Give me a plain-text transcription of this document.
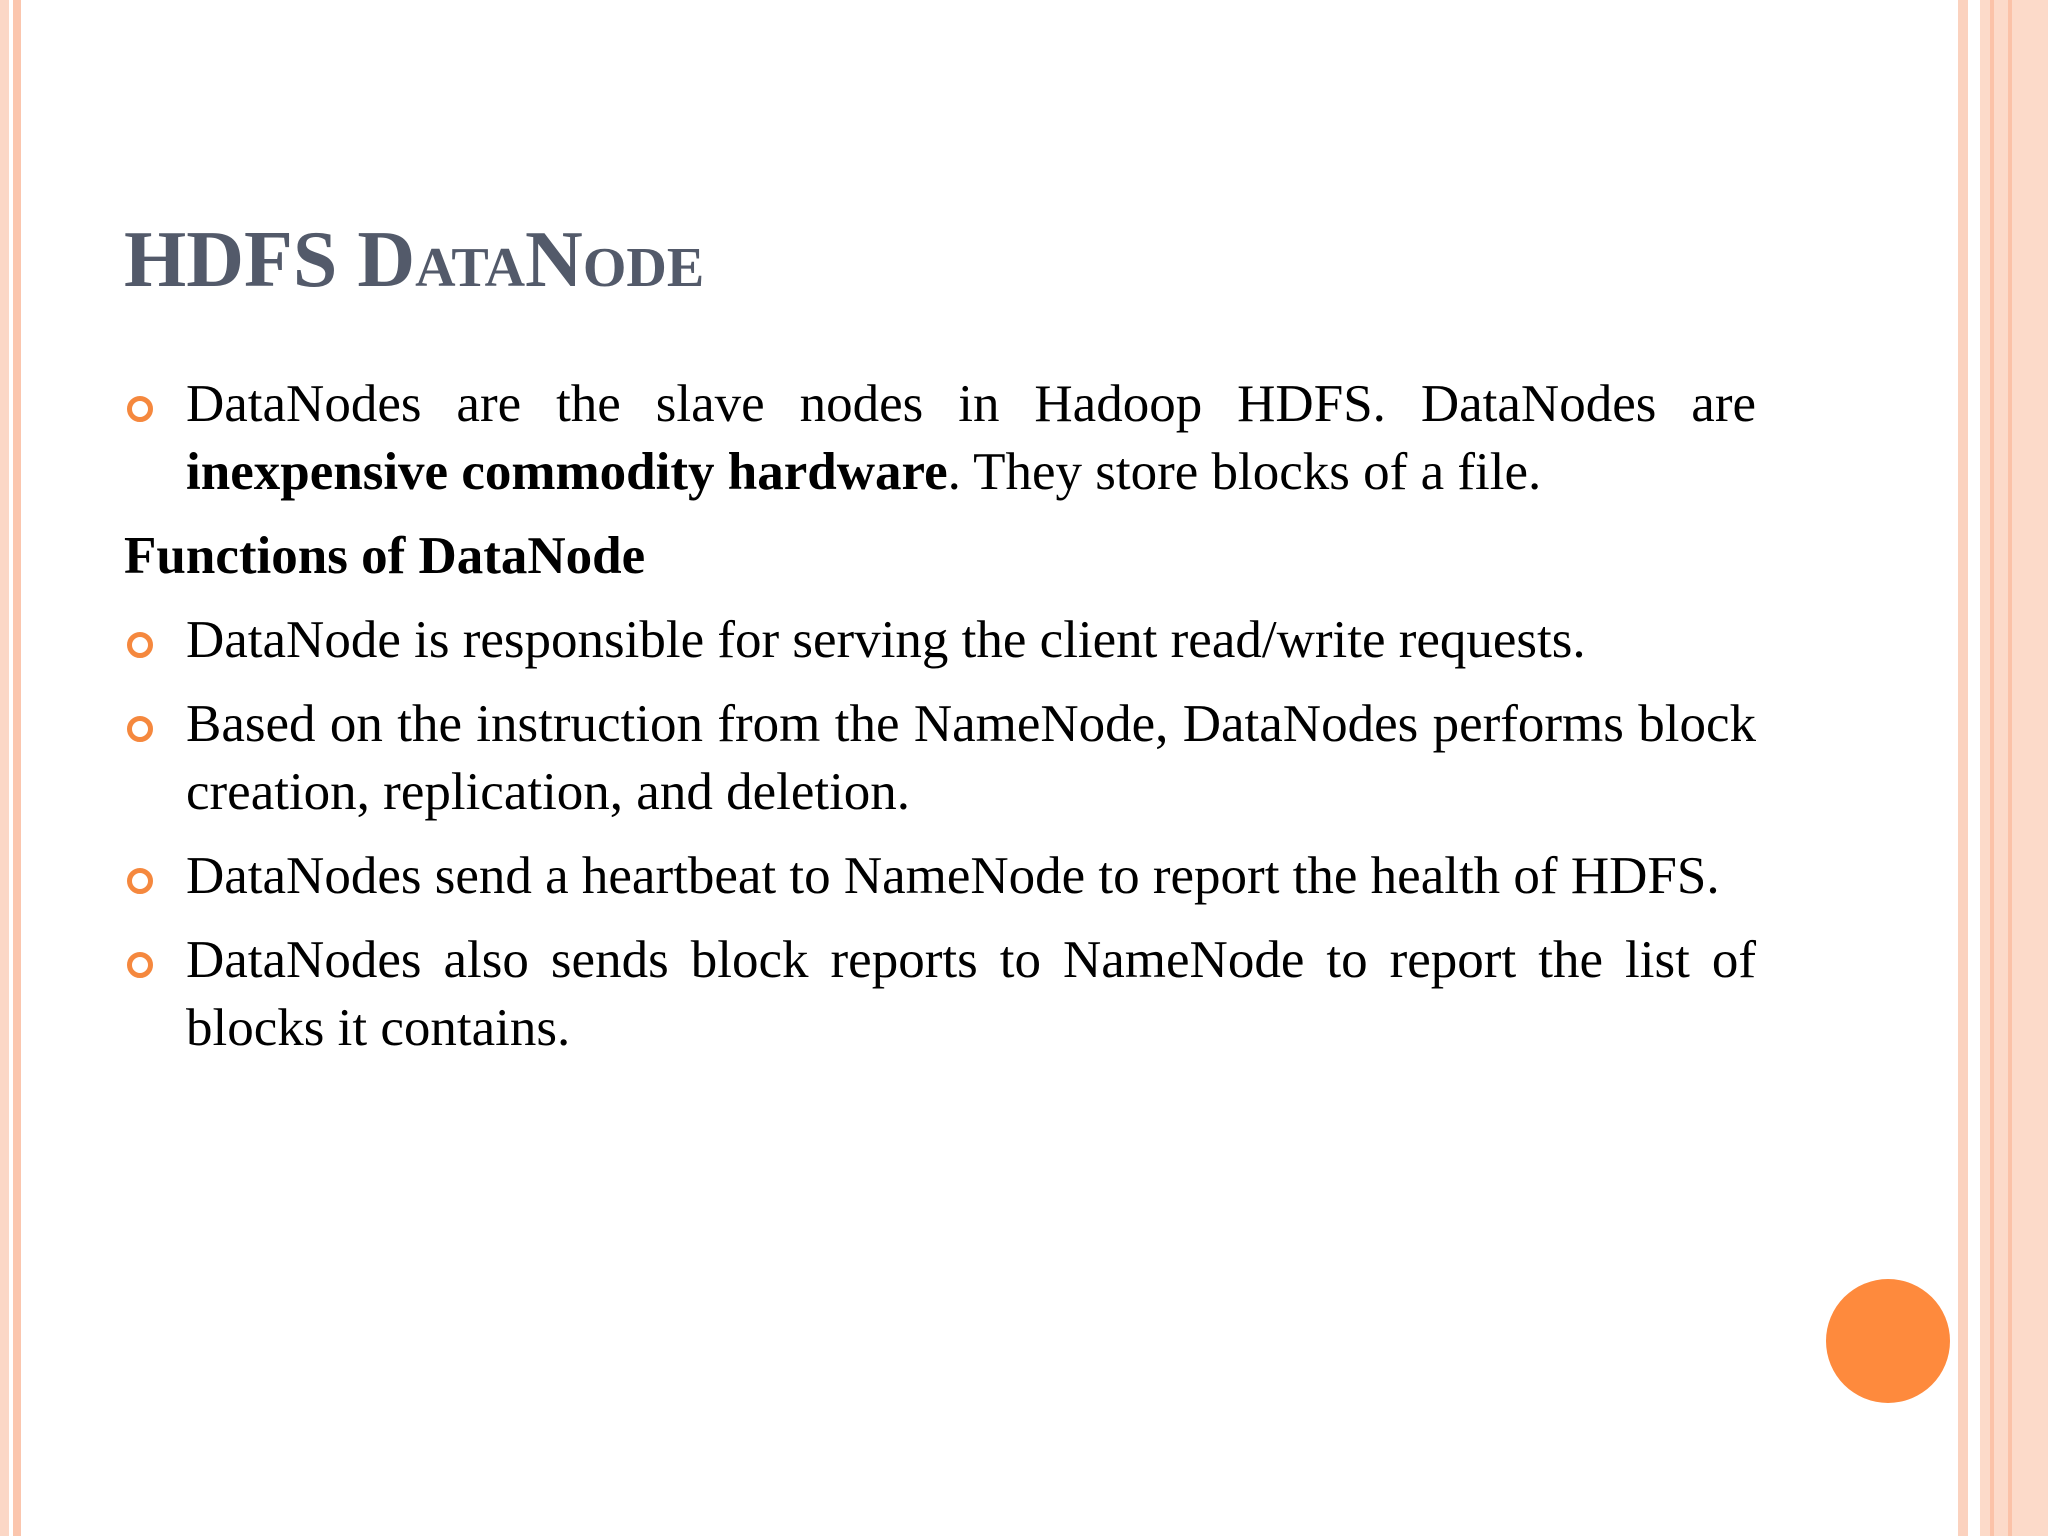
HDFS DataNode
DataNodes are the slave nodes in Hadoop HDFS. DataNodes are inexpensive commodity hardware. They store blocks of a file.
Functions of DataNode
DataNode is responsible for serving the client read/write requests.
Based on the instruction from the NameNode, DataNodes performs block creation, replication, and deletion.
DataNodes send a heartbeat to NameNode to report the health of HDFS.
DataNodes also sends block reports to NameNode to report the list of blocks it contains.
